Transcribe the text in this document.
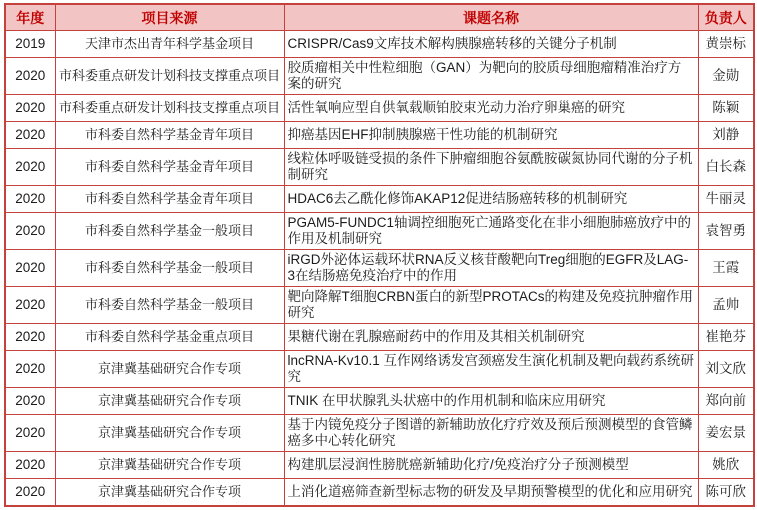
年度	项目来源	课题名称	负责人
2019	天津市杰出青年科学基金项目	CRISPR/Cas9文库技术解构胰腺癌转移的关键分子机制	黄崇标
2020	市科委重点研发计划科技支撑重点项目	胶质瘤相关中性粒细胞（GAN）为靶向的胶质母细胞瘤精准治疗方案的研究	金勋
2020	市科委重点研发计划科技支撑重点项目	活性氧响应型自供氧载顺铂胶束光动力治疗卵巢癌的研究	陈颖
2020	市科委自然科学基金青年项目	抑癌基因EHF抑制胰腺癌干性功能的机制研究	刘静
2020	市科委自然科学基金青年项目	线粒体呼吸链受损的条件下肿瘤细胞谷氨酰胺碳氮协同代谢的分子机制研究	白长森
2020	市科委自然科学基金青年项目	HDAC6去乙酰化修饰AKAP12促进结肠癌转移的机制研究	牛丽灵
2020	市科委自然科学基金一般项目	PGAM5-FUNDC1轴调控细胞死亡通路变化在非小细胞肺癌放疗中的作用及机制研究	袁智勇
2020	市科委自然科学基金一般项目	iRGD外泌体运载环状RNA反义核苷酸靶向Treg细胞的EGFR及LAG-3在结肠癌免疫治疗中的作用	王霞
2020	市科委自然科学基金一般项目	靶向降解T细胞CRBN蛋白的新型PROTACs的构建及免疫抗肿瘤作用研究	孟帅
2020	市科委自然科学基金重点项目	果糖代谢在乳腺癌耐药中的作用及其相关机制研究	崔艳芬
2020	京津冀基础研究合作专项	lncRNA-Kv10.1 互作网络诱发宫颈癌发生演化机制及靶向载药系统研究	刘文欣
2020	京津冀基础研究合作专项	TNIK 在甲状腺乳头状癌中的作用机制和临床应用研究	郑向前
2020	京津冀基础研究合作专项	基于内镜免疫分子图谱的新辅助放化疗疗效及预后预测模型的食管鳞癌多中心转化研究	姜宏景
2020	京津冀基础研究合作专项	构建肌层浸润性膀胱癌新辅助化疗/免疫治疗分子预测模型	姚欣
2020	京津冀基础研究合作专项	上消化道癌筛查新型标志物的研发及早期预警模型的优化和应用研究	陈可欣
